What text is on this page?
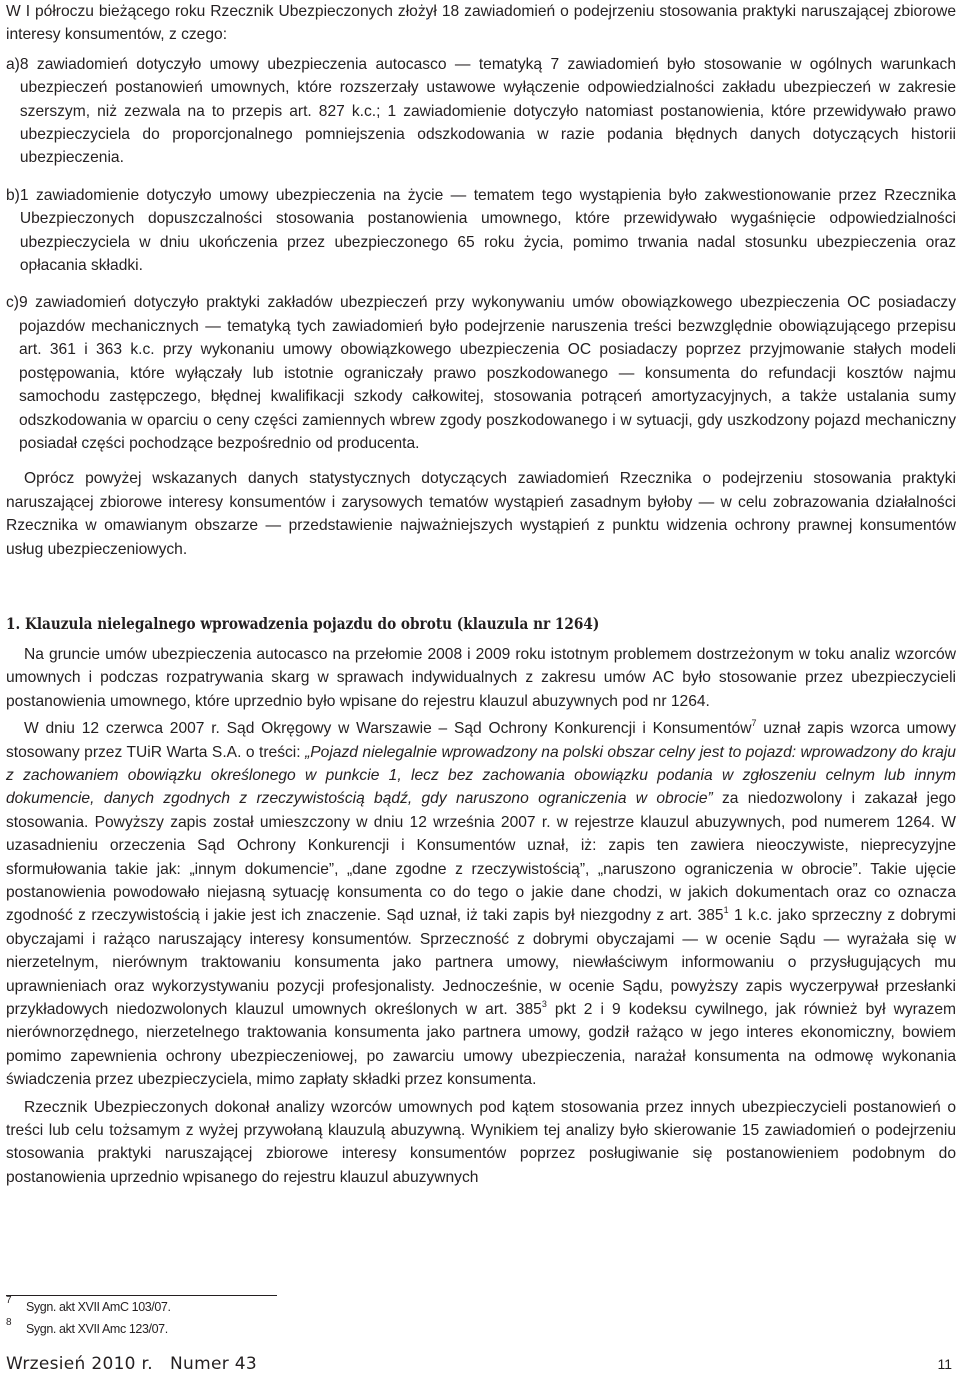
W I półroczu bieżącego roku Rzecznik Ubezpieczonych złożył 18 zawiadomień o podejrzeniu stosowania praktyki naruszającej zbiorowe interesy konsumentów, z czego:

a) 8 zawiadomień dotyczyło umowy ubezpieczenia autocasco — tematyką 7 zawiadomień było stosowanie w ogólnych warunkach ubezpieczeń postanowień umownych, które rozszerzały ustawowe wyłączenie odpowiedzialności zakładu ubezpieczeń w zakresie szerszym, niż zezwala na to przepis art. 827 k.c.; 1 zawiadomienie dotyczyło natomiast postanowienia, które przewidywało prawo ubezpieczyciela do proporcjonalnego pomniejszenia odszkodowania w razie podania błędnych danych dotyczących historii ubezpieczenia.

b) 1 zawiadomienie dotyczyło umowy ubezpieczenia na życie — tematem tego wystąpienia było zakwestionowanie przez Rzecznika Ubezpieczonych dopuszczalności stosowania postanowienia umownego, które przewidywało wygaśnięcie odpowiedzialności ubezpieczyciela w dniu ukończenia przez ubezpieczonego 65 roku życia, pomimo trwania nadal stosunku ubezpieczenia oraz opłacania składki.

c) 9 zawiadomień dotyczyło praktyki zakładów ubezpieczeń przy wykonywaniu umów obowiązkowego ubezpieczenia OC posiadaczy pojazdów mechanicznych — tematyką tych zawiadomień było podejrzenie naruszenia treści bezwzględnie obowiązującego przepisu art. 361 i 363 k.c. przy wykonaniu umowy obowiązkowego ubezpieczenia OC posiadaczy poprzez przyjmowanie stałych modeli postępowania, które wyłączały lub istotnie ograniczały prawo poszkodowanego — konsumenta do refundacji kosztów najmu samochodu zastępczego, błędnej kwalifikacji szkody całkowitej, stosowania potrąceń amortyzacyjnych, a także ustalania sumy odszkodowania w oparciu o ceny części zamiennych wbrew zgody poszkodowanego i w sytuacji, gdy uszkodzony pojazd mechaniczny posiadał części pochodzące bezpośrednio od producenta.

Oprócz powyżej wskazanych danych statystycznych dotyczących zawiadomień Rzecznika o podejrzeniu stosowania praktyki naruszającej zbiorowe interesy konsumentów i zarysowych tematów wystąpień zasadnym byłoby — w celu zobrazowania działalności Rzecznika w omawianym obszarze — przedstawienie najważniejszych wystąpień z punktu widzenia ochrony prawnej konsumentów usług ubezpieczeniowych.

1. Klauzula nielegalnego wprowadzenia pojazdu do obrotu (klauzula nr 1264)

Na gruncie umów ubezpieczenia autocasco na przełomie 2008 i 2009 roku istotnym problemem dostrzeżonym w toku analiz wzorców umownych i podczas rozpatrywania skarg w sprawach indywidualnych z zakresu umów AC było stosowanie przez ubezpieczycieli postanowienia umownego, które uprzednio było wpisane do rejestru klauzul abuzywnych pod nr 1264.

W dniu 12 czerwca 2007 r. Sąd Okręgowy w Warszawie – Sąd Ochrony Konkurencji i Konsumentów$^7$ uznał zapis wzorca umowy stosowany przez TUiR Warta S.A. o treści: „Pojazd nielegalnie wprowadzony na polski obszar celny jest to pojazd: wprowadzony do kraju z zachowaniem obowiązku określonego w punkcie 1, lecz bez zachowania obowiązku podania w zgłoszeniu celnym lub innym dokumencie, danych zgodnych z rzeczywistością bądź, gdy naruszono ograniczenia w obrocie” za niedozwolony i zakazał jego stosowania. Powyższy zapis został umieszczony w dniu 12 września 2007 r. w rejestrze klauzul abuzywnych, pod numerem 1264. W uzasadnieniu orzeczenia Sąd Ochrony Konkurencji i Konsumentów uznał, iż: zapis ten zawiera nieoczywiste, nieprecyzyjne sformułowania takie jak: „innym dokumencie”, „dane zgodne z rzeczywistością”, „naruszono ograniczenia w obrocie”. Takie ujęcie postanowienia powodowało niejasną sytuację konsumenta co do tego o jakie dane chodzi, w jakich dokumentach oraz co oznacza zgodność z rzeczywistością i jakie jest ich znaczenie. Sąd uznał, iż taki zapis był niezgodny z art. $385^1$ 1 k.c. jako sprzeczny z dobrymi obyczajami i rażąco naruszający interesy konsumentów. Sprzeczność z dobrymi obyczajami — w ocenie Sądu — wyrażała się w nierzetelnym, nierównym traktowaniu konsumenta jako partnera umowy, niewłaściwym informowaniu o przysługujących mu uprawnieniach oraz wykorzystywaniu pozycji profesjonalisty. Jednocześnie, w ocenie Sądu, powyższy zapis wyczerpywał przesłanki przykładowych niedozwolonych klauzul umownych określonych w art. $385^3$ pkt 2 i 9 kodeksu cywilnego, jak również był wyrazem nierównorzędnego, nierzetelnego traktowania konsumenta jako partnera umowy, godził rażąco w jego interes ekonomiczny, bowiem pomimo zapewnienia ochrony ubezpieczeniowej, po zawarciu umowy ubezpieczenia, narażał konsumenta na odmowę wykonania świadczenia przez ubezpieczyciela, mimo zapłaty składki przez konsumenta.

Rzecznik Ubezpieczonych dokonał analizy wzorców umownych pod kątem stosowania przez innych ubezpieczycieli postanowień o treści lub celu tożsamym z wyżej przywołaną klauzulą abuzywną. Wynikiem tej analizy było skierowanie 15 zawiadomień o podejrzeniu stosowania praktyki naruszającej zbiorowe interesy konsumentów poprzez posługiwanie się postanowieniem podobnym do postanowienia uprzednio wpisanego do rejestru klauzul abuzywnych

7 Sygn. akt XVII AmC 103/07.
8 Sygn. akt XVII Amc 123/07.
Wrzesień 2010 r.   Numer 43	11
